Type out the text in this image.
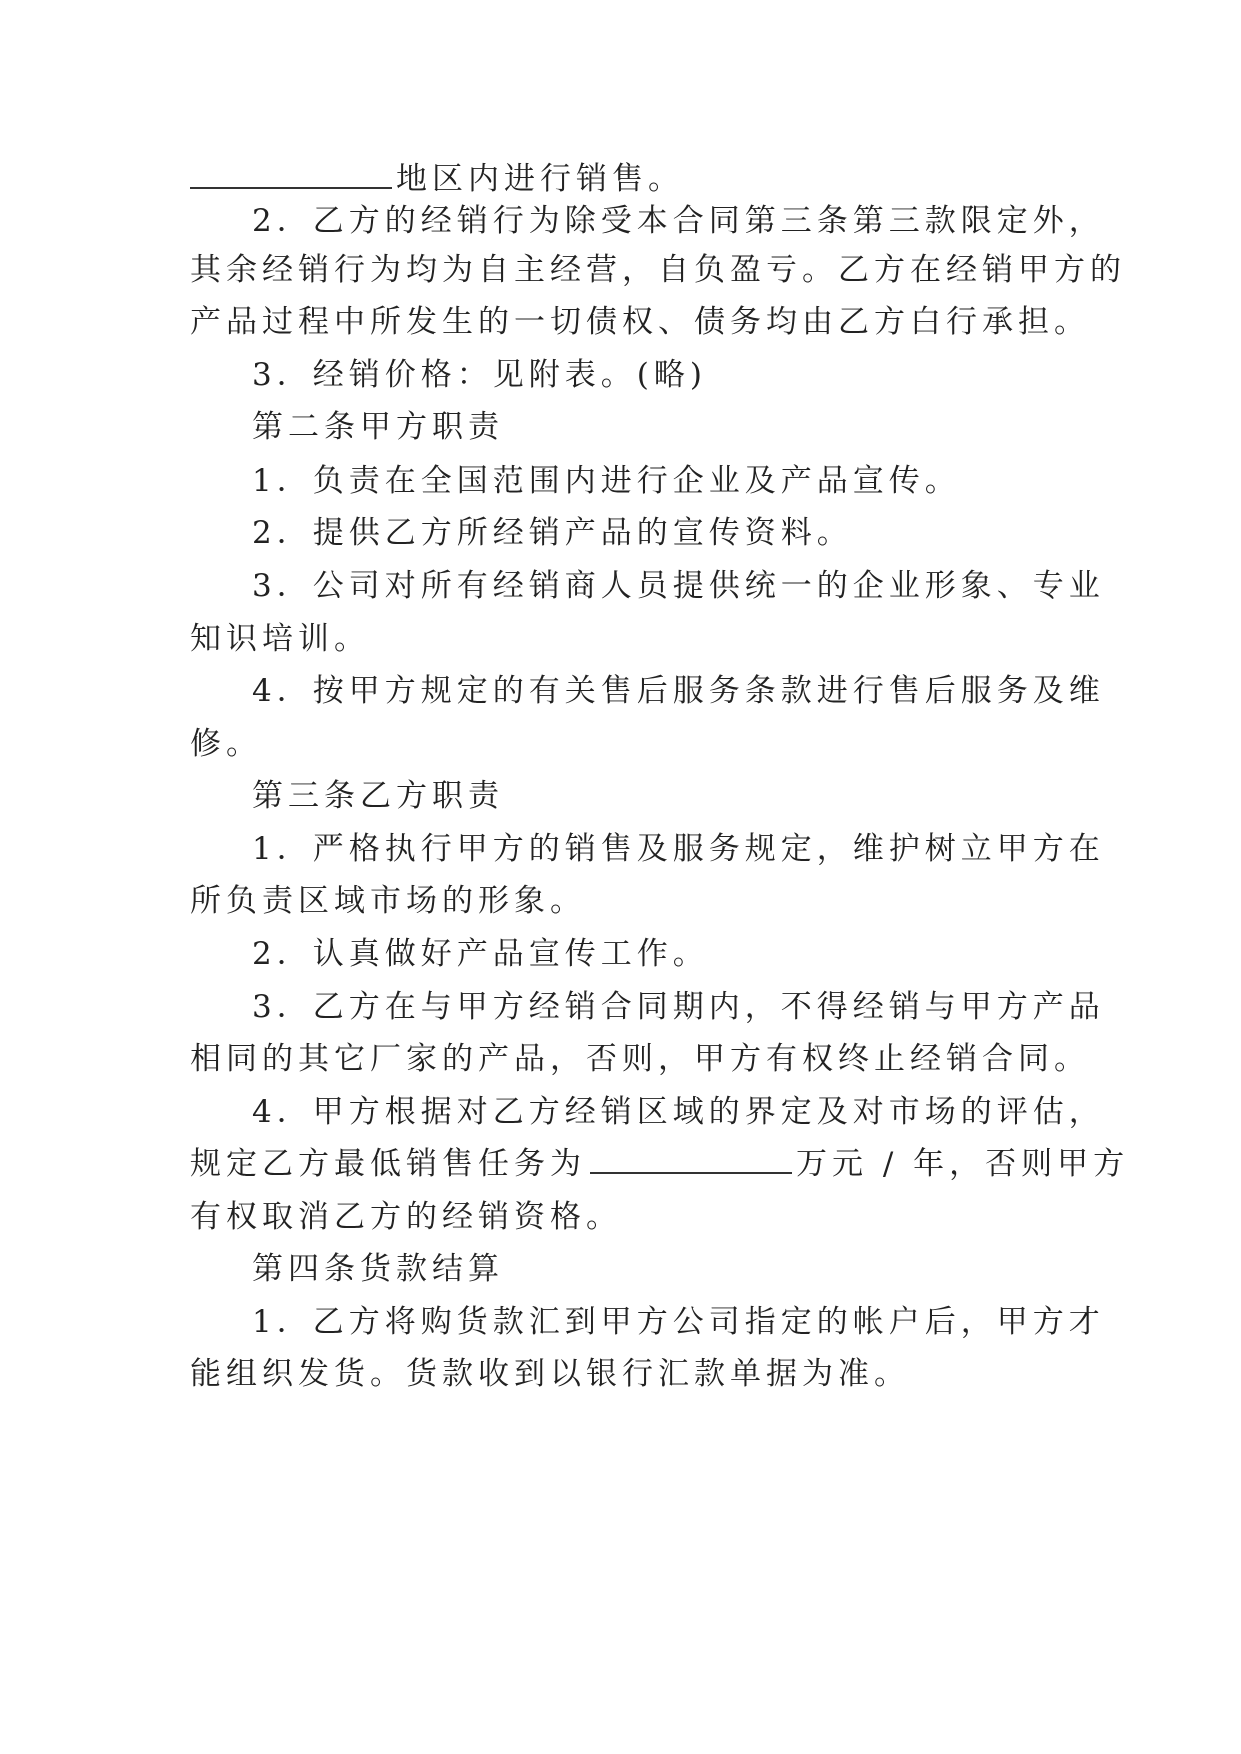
地区内进行销售。
2．乙方的经销行为除受本合同第三条第三款限定外，
其余经销行为均为自主经营，自负盈亏。乙方在经销甲方的
产品过程中所发生的一切债权、债务均由乙方白行承担。
3．经销价格：见附表。(略)
第二条甲方职责
1．负责在全国范围内进行企业及产品宣传。
2．提供乙方所经销产品的宣传资料。
3．公司对所有经销商人员提供统一的企业形象、专业
知识培训。
4．按甲方规定的有关售后服务条款进行售后服务及维
修。
第三条乙方职责
1．严格执行甲方的销售及服务规定，维护树立甲方在
所负责区域市场的形象。
2．认真做好产品宣传工作。
3．乙方在与甲方经销合同期内，不得经销与甲方产品
相同的其它厂家的产品，否则，甲方有权终止经销合同。
4．甲方根据对乙方经销区域的界定及对市场的评估，
规定乙方最低销售任务为	万元 / 年，否则甲方
有权取消乙方的经销资格。
第四条货款结算
1．乙方将购货款汇到甲方公司指定的帐户后，甲方才
能组织发货。货款收到以银行汇款单据为准。
